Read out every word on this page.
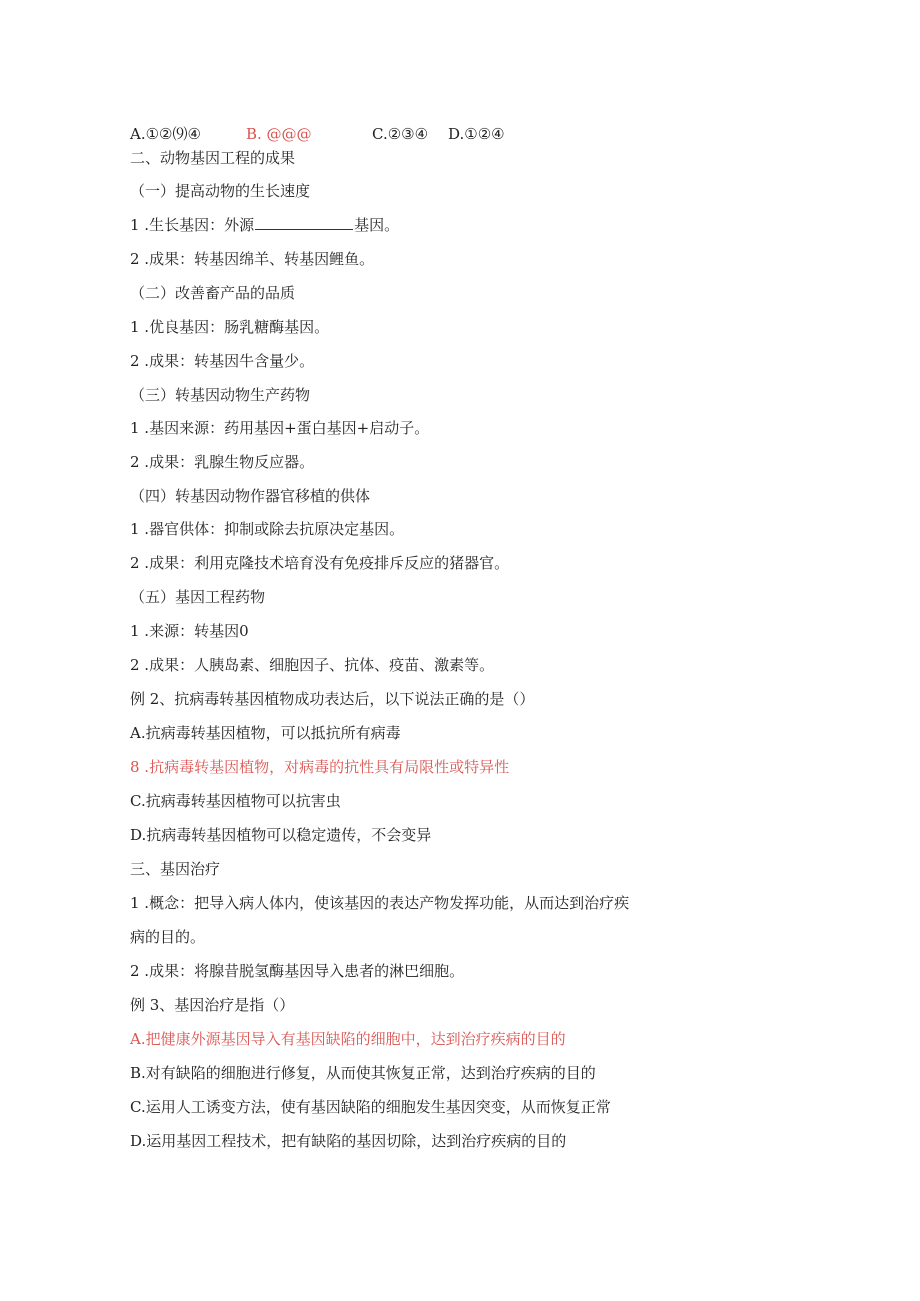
A.①②⑼④	B. @@@	C.②③④ D.①②④
二、动物基因工程的成果
（一）提高动物的生长速度
1 .生长基因：外源	基因。
2 .成果：转基因绵羊、转基因鲤鱼。
（二）改善畜产品的品质
1 .优良基因：肠乳糖酶基因。
2 .成果：转基因牛含量少。
（三）转基因动物生产药物
1 .基因来源：药用基因+蛋白基因+启动子。
2 .成果：乳腺生物反应器。
（四）转基因动物作器官移植的供体
1 .器官供体：抑制或除去抗原决定基因。
2 .成果：利用克隆技术培育没有免疫排斥反应的猪器官。
（五）基因工程药物
1 .来源：转基因0
2 .成果：人胰岛素、细胞因子、抗体、疫苗、激素等。
例 2、抗病毒转基因植物成功表达后，以下说法正确的是（）
A.抗病毒转基因植物，可以抵抗所有病毒
8 .抗病毒转基因植物，对病毒的抗性具有局限性或特异性
C.抗病毒转基因植物可以抗害虫
D.抗病毒转基因植物可以稳定遗传，不会变异
三、基因治疗
1 .概念：把导入病人体内，使该基因的表达产物发挥功能，从而达到治疗疾
病的目的。
2 .成果：将腺昔脱氢酶基因导入患者的淋巴细胞。
例 3、基因治疗是指（）
A.把健康外源基因导入有基因缺陷的细胞中，达到治疗疾病的目的
B.对有缺陷的细胞进行修复，从而使其恢复正常，达到治疗疾病的目的
C.运用人工诱变方法，使有基因缺陷的细胞发生基因突变，从而恢复正常
D.运用基因工程技术，把有缺陷的基因切除，达到治疗疾病的目的
